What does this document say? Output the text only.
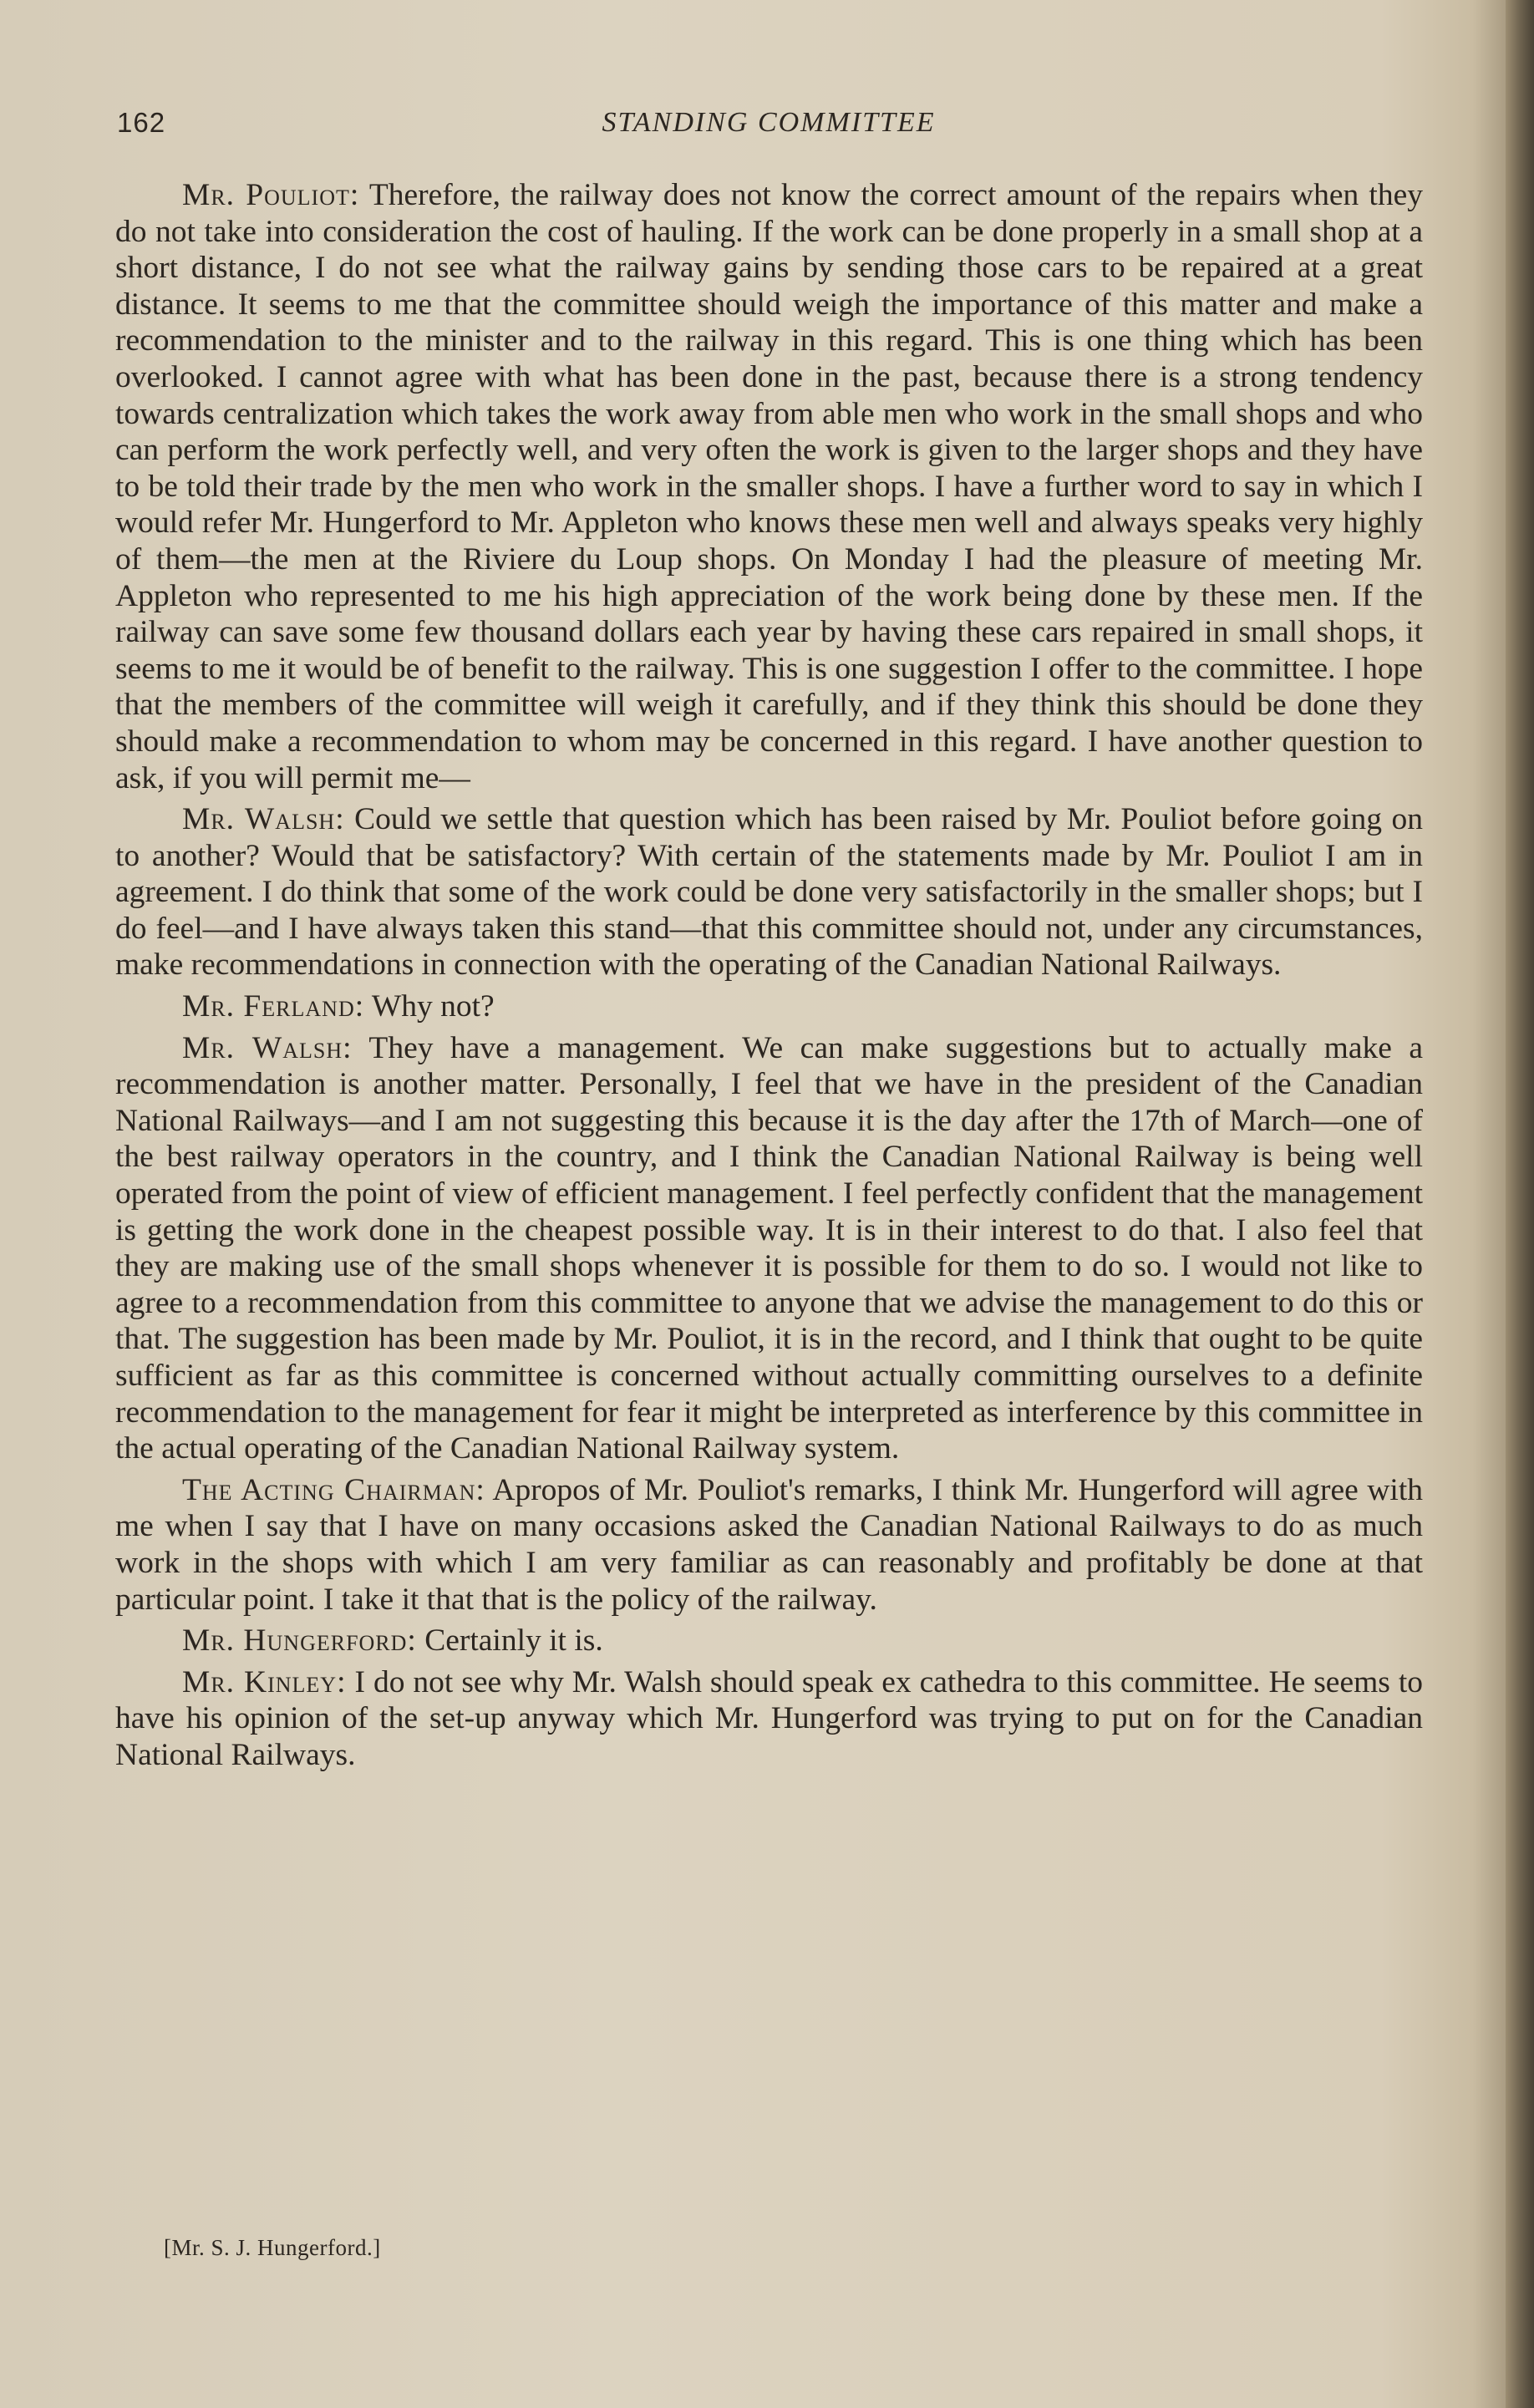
162	STANDING COMMITTEE

Mr. Pouliot: Therefore, the railway does not know the correct amount of the repairs when they do not take into consideration the cost of hauling. If the work can be done properly in a small shop at a short distance, I do not see what the railway gains by sending those cars to be repaired at a great distance. It seems to me that the committee should weigh the importance of this matter and make a recommendation to the minister and to the railway in this regard. This is one thing which has been overlooked. I cannot agree with what has been done in the past, because there is a strong tendency towards centralization which takes the work away from able men who work in the small shops and who can perform the work perfectly well, and very often the work is given to the larger shops and they have to be told their trade by the men who work in the smaller shops. I have a further word to say in which I would refer Mr. Hungerford to Mr. Appleton who knows these men well and always speaks very highly of them—the men at the Riviere du Loup shops. On Monday I had the pleasure of meeting Mr. Appleton who represented to me his high appreciation of the work being done by these men. If the railway can save some few thousand dollars each year by having these cars repaired in small shops, it seems to me it would be of benefit to the railway. This is one suggestion I offer to the committee. I hope that the members of the committee will weigh it carefully, and if they think this should be done they should make a recommendation to whom may be concerned in this regard. I have another question to ask, if you will permit me—

Mr. Walsh: Could we settle that question which has been raised by Mr. Pouliot before going on to another? Would that be satisfactory? With certain of the statements made by Mr. Pouliot I am in agreement. I do think that some of the work could be done very satisfactorily in the smaller shops; but I do feel—and I have always taken this stand—that this committee should not, under any circumstances, make recommendations in connection with the operating of the Canadian National Railways.

Mr. Ferland: Why not?

Mr. Walsh: They have a management. We can make suggestions but to actually make a recommendation is another matter. Personally, I feel that we have in the president of the Canadian National Railways—and I am not suggesting this because it is the day after the 17th of March—one of the best railway operators in the country, and I think the Canadian National Railway is being well operated from the point of view of efficient management. I feel perfectly confident that the management is getting the work done in the cheapest possible way. It is in their interest to do that. I also feel that they are making use of the small shops whenever it is possible for them to do so. I would not like to agree to a recommendation from this committee to anyone that we advise the management to do this or that. The suggestion has been made by Mr. Pouliot, it is in the record, and I think that ought to be quite sufficient as far as this committee is concerned without actually committing ourselves to a definite recommendation to the management for fear it might be interpreted as interference by this committee in the actual operating of the Canadian National Railway system.

The Acting Chairman: Apropos of Mr. Pouliot's remarks, I think Mr. Hungerford will agree with me when I say that I have on many occasions asked the Canadian National Railways to do as much work in the shops with which I am very familiar as can reasonably and profitably be done at that particular point. I take it that that is the policy of the railway.

Mr. Hungerford: Certainly it is.

Mr. Kinley: I do not see why Mr. Walsh should speak ex cathedra to this committee. He seems to have his opinion of the set-up anyway which Mr. Hungerford was trying to put on for the Canadian National Railways.

[Mr. S. J. Hungerford.]
